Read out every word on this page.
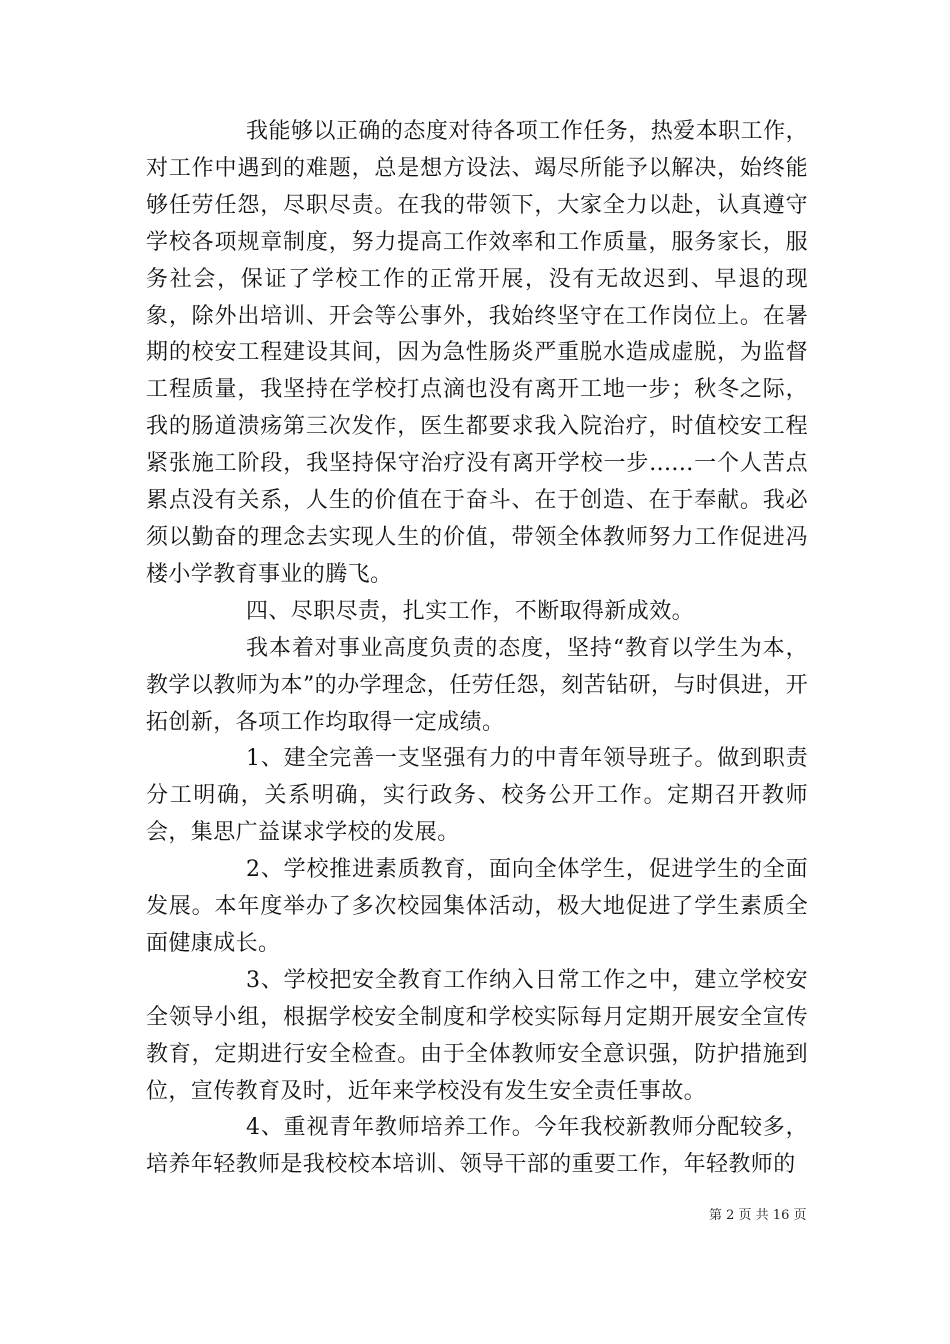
我能够以正确的态度对待各项工作任务，热爱本职工作，对工作中遇到的难题，总是想方设法、竭尽所能予以解决，始终能够任劳任怨，尽职尽责。在我的带领下，大家全力以赴，认真遵守学校各项规章制度，努力提高工作效率和工作质量，服务家长，服务社会，保证了学校工作的正常开展，没有无故迟到、早退的现象，除外出培训、开会等公事外，我始终坚守在工作岗位上。在暑期的校安工程建设其间，因为急性肠炎严重脱水造成虚脱，为监督工程质量，我坚持在学校打点滴也没有离开工地一步；秋冬之际，我的肠道溃疡第三次发作，医生都要求我入院治疗，时值校安工程紧张施工阶段，我坚持保守治疗没有离开学校一步......一个人苦点累点没有关系，人生的价值在于奋斗、在于创造、在于奉献。我必须以勤奋的理念去实现人生的价值，带领全体教师努力工作促进冯楼小学教育事业的腾飞。

四、尽职尽责，扎实工作，不断取得新成效。

我本着对事业高度负责的态度，坚持“教育以学生为本，教学以教师为本”的办学理念，任劳任怨，刻苦钻研，与时俱进，开拓创新，各项工作均取得一定成绩。

1、建全完善一支坚强有力的中青年领导班子。做到职责分工明确，关系明确，实行政务、校务公开工作。定期召开教师会，集思广益谋求学校的发展。

2、学校推进素质教育，面向全体学生，促进学生的全面发展。本年度举办了多次校园集体活动，极大地促进了学生素质全面健康成长。

3、学校把安全教育工作纳入日常工作之中，建立学校安全领导小组，根据学校安全制度和学校实际每月定期开展安全宣传教育，定期进行安全检查。由于全体教师安全意识强，防护措施到位，宣传教育及时，近年来学校没有发生安全责任事故。

4、重视青年教师培养工作。今年我校新教师分配较多，培养年轻教师是我校校本培训、领导干部的重要工作，年轻教师的

第 2 页 共 16 页
